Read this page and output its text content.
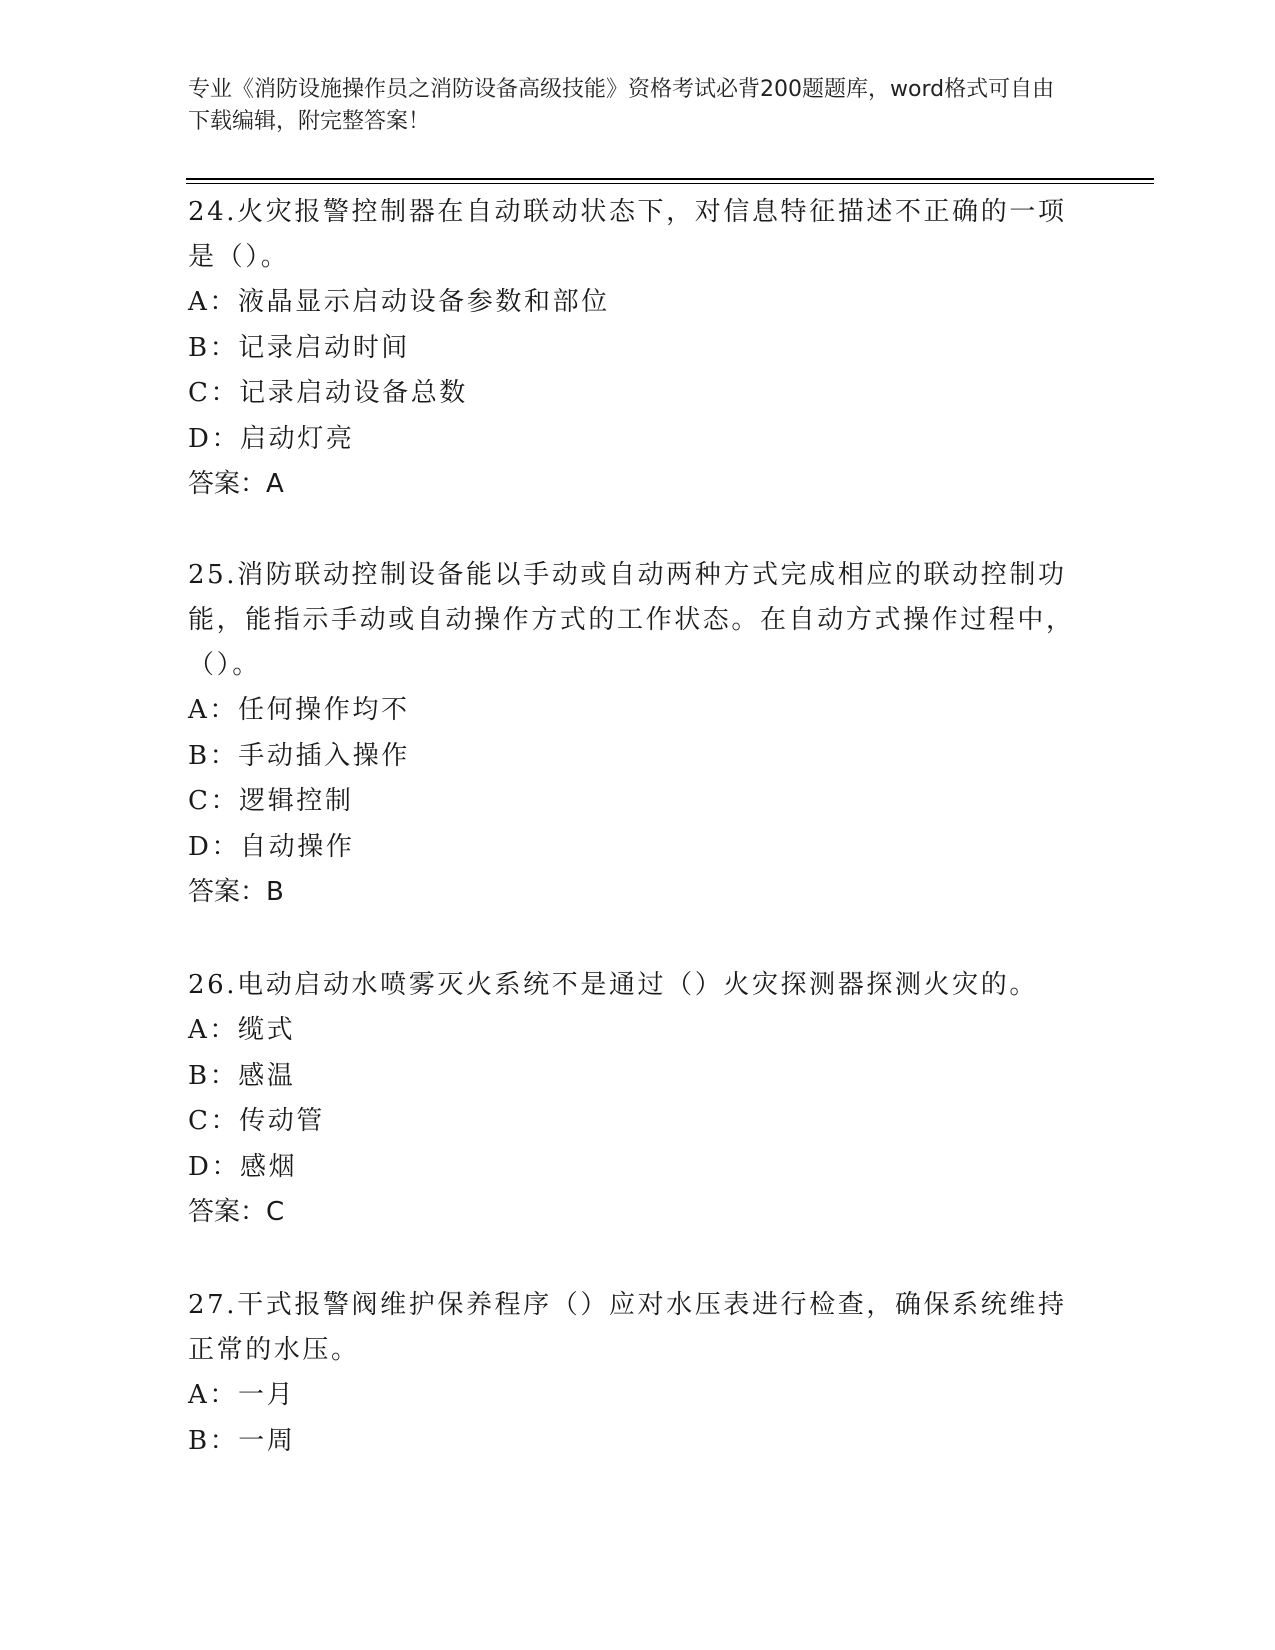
专业《消防设施操作员之消防设备高级技能》资格考试必背200题题库，word格式可自由下载编辑，附完整答案！

24.火灾报警控制器在自动联动状态下，对信息特征描述不正确的一项是（）。

A：液晶显示启动设备参数和部位

B：记录启动时间

C：记录启动设备总数

D：启动灯亮

答案：A

25.消防联动控制设备能以手动或自动两种方式完成相应的联动控制功能，能指示手动或自动操作方式的工作状态。在自动方式操作过程中，（）。

A：任何操作均不

B：手动插入操作

C：逻辑控制

D：自动操作

答案：B

26.电动启动水喷雾灭火系统不是通过（）火灾探测器探测火灾的。

A：缆式

B：感温

C：传动管

D：感烟

答案：C

27.干式报警阀维护保养程序（）应对水压表进行检查，确保系统维持正常的水压。

A：一月

B：一周
